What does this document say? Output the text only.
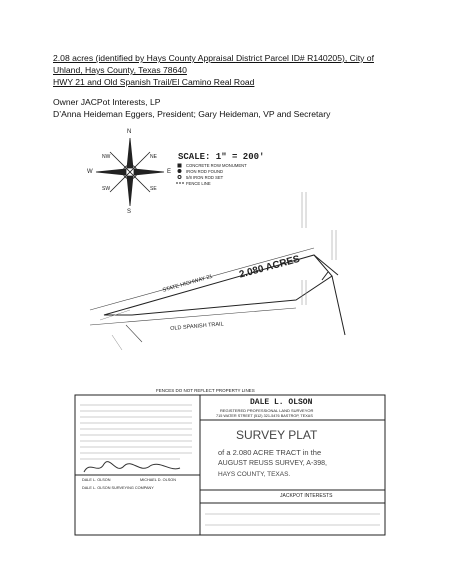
2.08 acres (identified by Hays County Appraisal District Parcel ID# R140205), City of
Uhland, Hays County, Texas 78640
HWY 21 and Old Spanish Trail/El Camino Real Road
Owner JACPot Interests, LP
D’Anna Heideman Eggers, President; Gary Heideman, VP and Secretary
N
S
E
W
NW	NE
SW	SE
SCALE: 1" = 200'
CONCRETE ROW MONUMENT
IRON ROD FOUND
5/8 IRON ROD SET
FENCE LINE
2.080 ACRES
STATE HIGHWAY 21
OLD SPANISH TRAIL
FENCES DO NOT REFLECT PROPERTY LINES
DALE L. OLSON
REGISTERED PROFESSIONAL LAND SURVEYOR
715 WATER STREET (512) 321-5476 BASTROP, TEXAS
SURVEY PLAT
of a 2.080 ACRE TRACT in the
AUGUST REUSS SURVEY, A-398,
HAYS COUNTY, TEXAS.
JACKPOT INTERESTS
DALE L. OLSON	MICHAEL D. OLSON
DALE L. OLSON SURVEYING COMPANY
